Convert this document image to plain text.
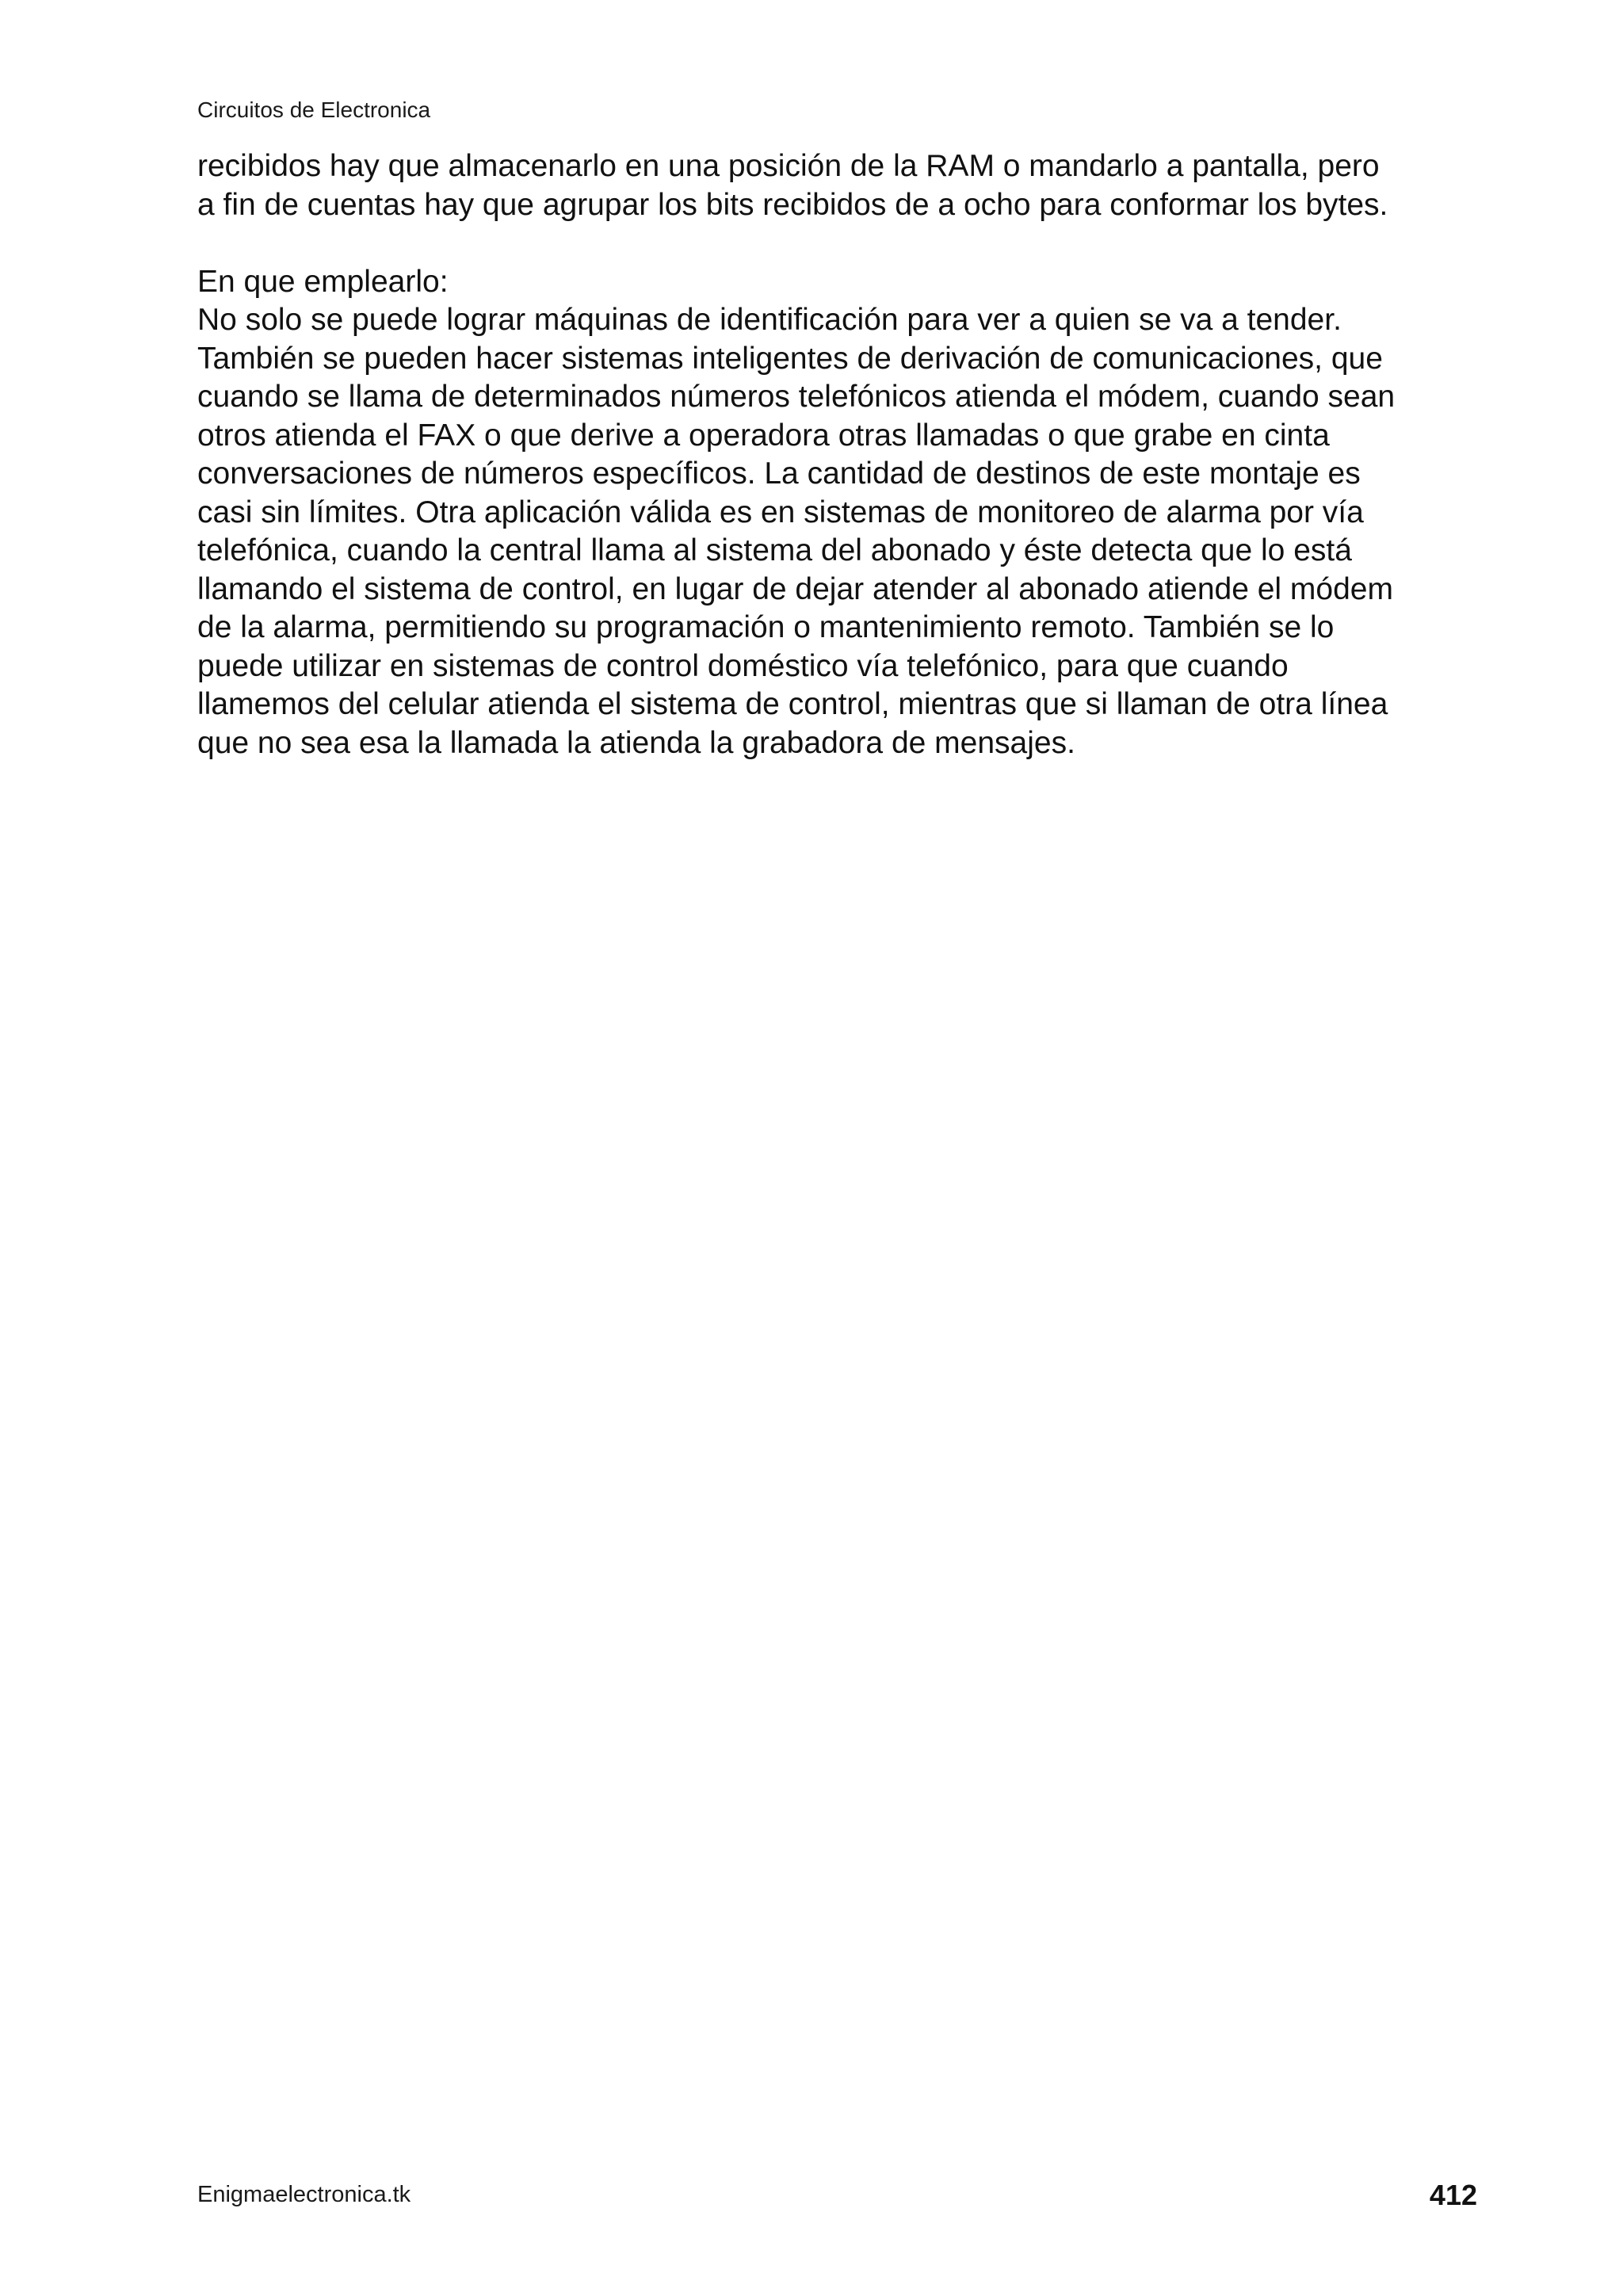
Circuitos de Electronica
recibidos hay que almacenarlo en una posición de la RAM o mandarlo a pantalla, pero
a fin de cuentas hay que agrupar los bits recibidos de a ocho para conformar los bytes.
En que emplearlo:
No solo se puede lograr máquinas de identificación para ver a quien se va a tender.
También se pueden hacer sistemas inteligentes de derivación de comunicaciones, que
cuando se llama de determinados números telefónicos atienda el módem, cuando sean
otros atienda el FAX o que derive a operadora otras llamadas o que grabe en cinta
conversaciones de números específicos. La cantidad de destinos de este montaje es
casi sin límites. Otra aplicación válida es en sistemas de monitoreo de alarma por vía
telefónica, cuando la central llama al sistema del abonado y éste detecta que lo está
llamando el sistema de control, en lugar de dejar atender al abonado atiende el módem
de la alarma, permitiendo su programación o mantenimiento remoto. También se lo
puede utilizar en sistemas de control doméstico vía telefónico, para que cuando
llamemos del celular atienda el sistema de control, mientras que si llaman de otra línea
que no sea esa la llamada la atienda la grabadora de mensajes.
Enigmaelectronica.tk	412
